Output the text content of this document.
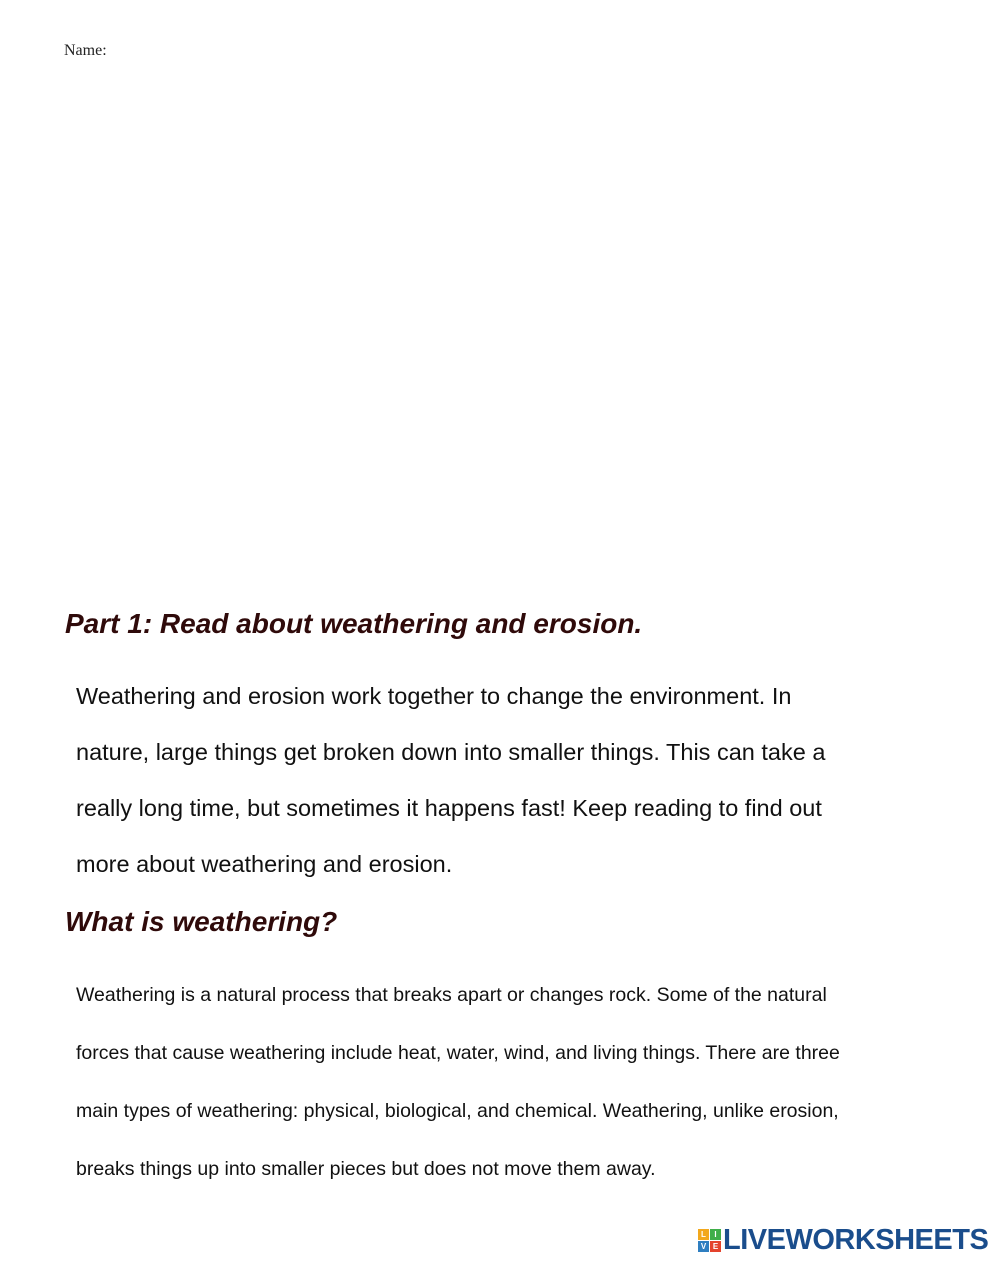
Name:
Part 1: Read about weathering and erosion.

Weathering and erosion work together to change the environment. In
nature, large things get broken down into smaller things. This can take a
really long time, but sometimes it happens fast! Keep reading to find out
more about weathering and erosion.

What is weathering?

Weathering is a natural process that breaks apart or changes rock. Some of the natural
forces that cause weathering include heat, water, wind, and living things. There are three
main types of weathering: physical, biological, and chemical. Weathering, unlike erosion,
breaks things up into smaller pieces but does not move them away.

L	I
V E LIVEWORKSHEETS
